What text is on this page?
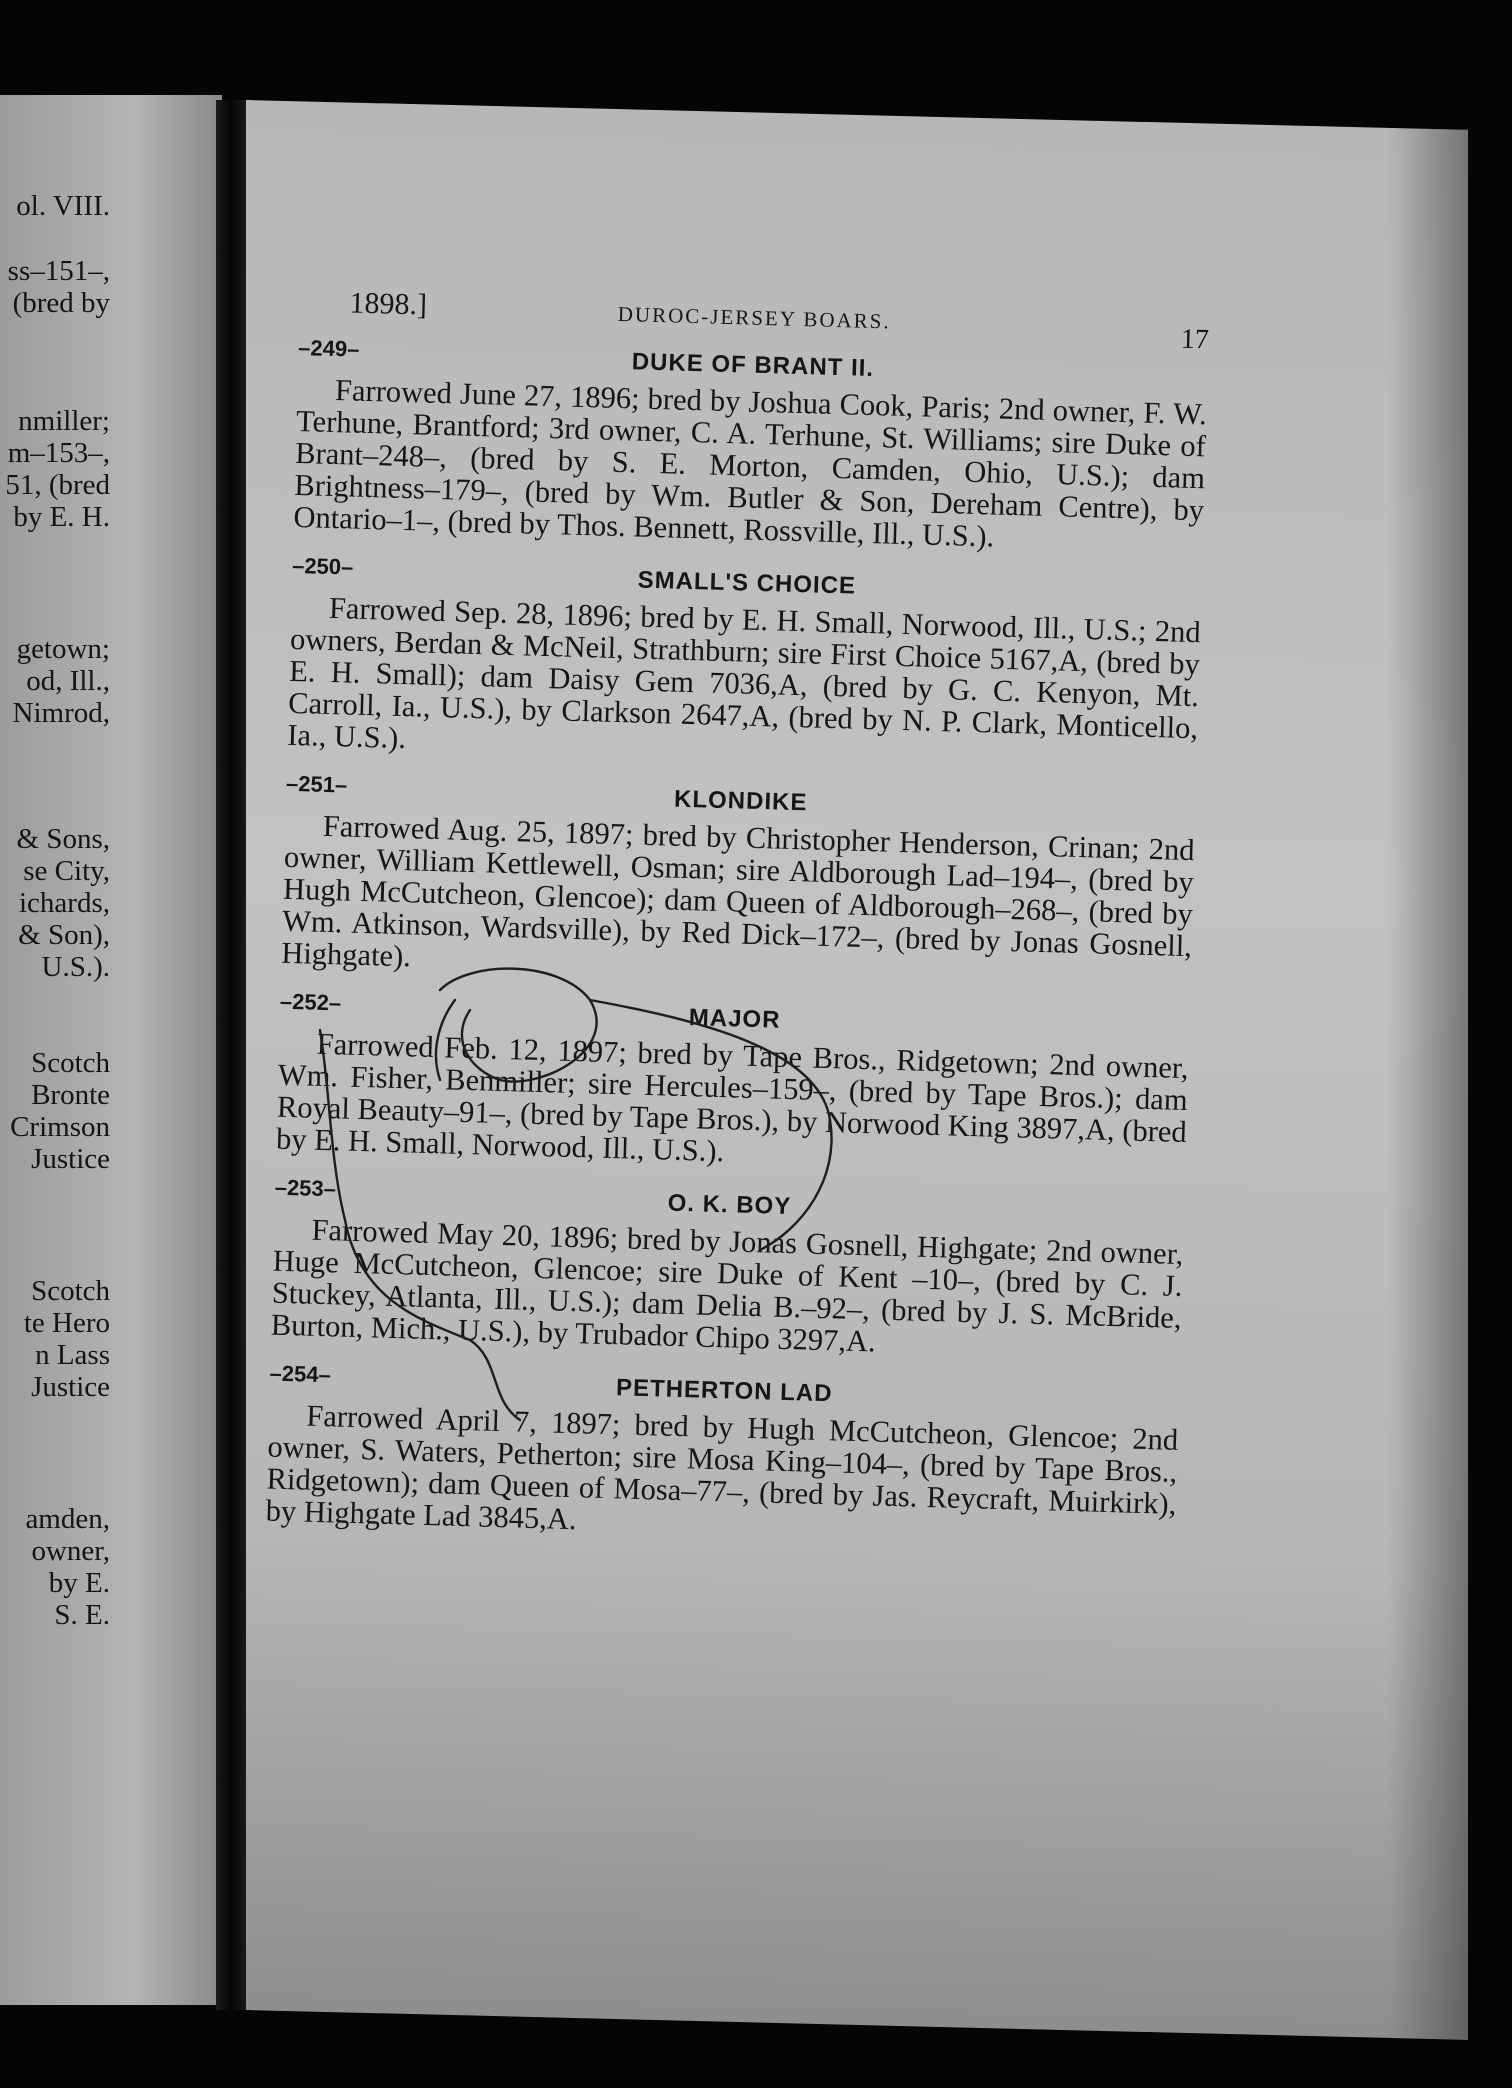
ol. VIII.
ss–151–,
(bred by
nmiller;
m–153–,
51, (bred
by E. H.
getown;
od, Ill.,
Nimrod,
& Sons,
se City,
ichards,
& Son),
U.S.).
Scotch
Bronte
Crimson
Justice
Scotch
te Hero
n Lass
Justice
amden,
owner,
by E.
S. E.
1898.]	DUROC-JERSEY BOARS.
17
–249–	DUKE OF BRANT II.

Farrowed June 27, 1896; bred by Joshua Cook, Paris; 2nd owner, F. W. Terhune, Brantford; 3rd owner, C. A. Terhune, St. Williams; sire Duke of Brant–248–, (bred by S. E. Morton, Camden, Ohio, U.S.); dam Brightness–179–, (bred by Wm. Butler & Son, Dereham Centre), by Ontario–1–, (bred by Thos. Bennett, Rossville, Ill., U.S.).

–250–
SMALL'S CHOICE

Farrowed Sep. 28, 1896; bred by E. H. Small, Norwood, Ill., U.S.; 2nd owners, Berdan & McNeil, Strathburn; sire First Choice 5167,A, (bred by E. H. Small); dam Daisy Gem 7036,A, (bred by G. C. Kenyon, Mt. Carroll, Ia., U.S.), by Clarkson 2647,A, (bred by N. P. Clark, Monticello, Ia., U.S.).

–251–
KLONDIKE

Farrowed Aug. 25, 1897; bred by Christopher Henderson, Crinan; 2nd owner, William Kettlewell, Osman; sire Aldborough Lad–194–, (bred by Hugh McCutcheon, Glencoe); dam Queen of Aldborough–268–, (bred by Wm. Atkinson, Wardsville), by Red Dick–172–, (bred by Jonas Gosnell, Highgate).

–252–
MAJOR

Farrowed Feb. 12, 1897; bred by Tape Bros., Ridgetown; 2nd owner, Wm. Fisher, Benmiller; sire Hercules–159–, (bred by Tape Bros.); dam Royal Beauty–91–, (bred by Tape Bros.), by Norwood King 3897,A, (bred by E. H. Small, Norwood, Ill., U.S.).

–253–
O. K. BOY

Farrowed May 20, 1896; bred by Jonas Gosnell, Highgate; 2nd owner, Huge McCutcheon, Glencoe; sire Duke of Kent –10–, (bred by C. J. Stuckey, Atlanta, Ill., U.S.); dam Delia B.–92–, (bred by J. S. McBride, Burton, Mich., U.S.), by Trubador Chipo 3297,A.

–254–
PETHERTON LAD

Farrowed April 7, 1897; bred by Hugh McCutcheon, Glencoe; 2nd owner, S. Waters, Petherton; sire Mosa King–104–, (bred by Tape Bros., Ridgetown); dam Queen of Mosa–77–, (bred by Jas. Reycraft, Muirkirk), by Highgate Lad 3845,A.
